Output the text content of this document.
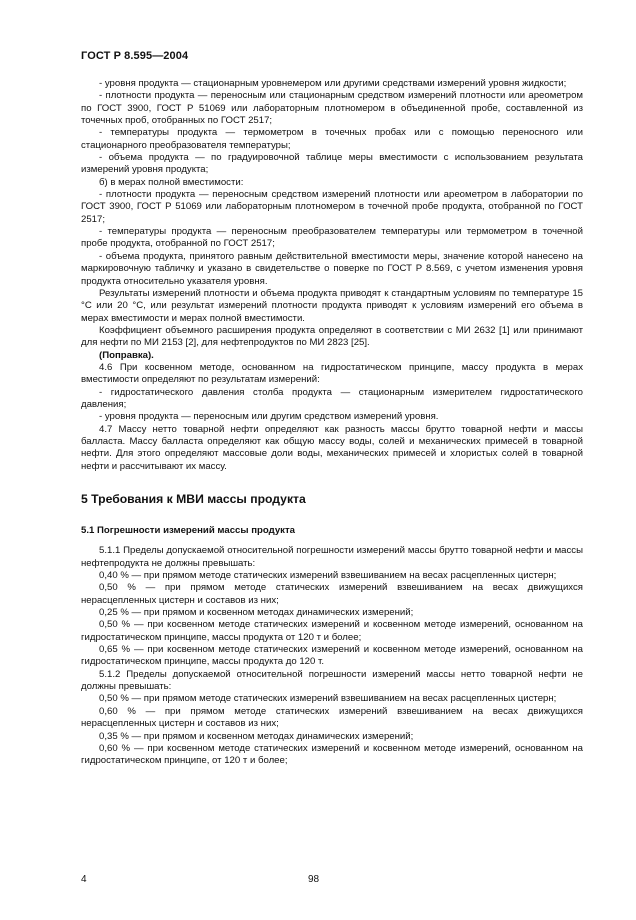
ГОСТ Р 8.595—2004

- уровня продукта — стационарным уровнемером или другими средствами измерений уровня жидкости;

- плотности продукта — переносным или стационарным средством измерений плотности или ареометром по ГОСТ 3900, ГОСТ Р 51069 или лабораторным плотномером в объединенной пробе, составленной из точечных проб, отобранных по ГОСТ 2517;

- температуры продукта — термометром в точечных пробах или с помощью переносного или стационарного преобразователя температуры;

- объема продукта — по градуировочной таблице меры вместимости с использованием результата измерений уровня продукта;

б) в мерах полной вместимости:

- плотности продукта — переносным средством измерений плотности или ареометром в лаборатории по ГОСТ 3900, ГОСТ Р 51069 или лабораторным плотномером в точечной пробе продукта, отобранной по ГОСТ 2517;

- температуры продукта — переносным преобразователем температуры или термометром в точечной пробе продукта, отобранной по ГОСТ 2517;

- объема продукта, принятого равным действительной вместимости меры, значение которой нанесено на маркировочную табличку и указано в свидетельстве о поверке по ГОСТ Р 8.569, с учетом изменения уровня продукта относительно указателя уровня.

Результаты измерений плотности и объема продукта приводят к стандартным условиям по температуре 15 °С или 20 °С, или результат измерений плотности продукта приводят к условиям измерений его объема в мерах вместимости и мерах полной вместимости.

Коэффициент объемного расширения продукта определяют в соответствии с МИ 2632 [1] или принимают для нефти по МИ 2153 [2], для нефтепродуктов по МИ 2823 [25].

(Поправка).

4.6 При косвенном методе, основанном на гидростатическом принципе, массу продукта в мерах вместимости определяют по результатам измерений:

- гидростатического давления столба продукта — стационарным измерителем гидростатического давления;

- уровня продукта — переносным или другим средством измерений уровня.

4.7 Массу нетто товарной нефти определяют как разность массы брутто товарной нефти и массы балласта. Массу балласта определяют как общую массу воды, солей и механических примесей в товарной нефти. Для этого определяют массовые доли воды, механических примесей и хлористых солей в товарной нефти и рассчитывают их массу.

5 Требования к МВИ массы продукта
5.1 Погрешности измерений массы продукта

5.1.1 Пределы допускаемой относительной погрешности измерений массы брутто товарной нефти и массы нефтепродукта не должны превышать:

0,40 % — при прямом методе статических измерений взвешиванием на весах расцепленных цистерн;

0,50 % — при прямом методе статических измерений взвешиванием на весах движущихся нерасцепленных цистерн и составов из них;

0,25 % — при прямом и косвенном методах динамических измерений;

0,50 % — при косвенном методе статических измерений и косвенном методе измерений, основанном на гидростатическом принципе, массы продукта от 120 т и более;

0,65 % — при косвенном методе статических измерений и косвенном методе измерений, основанном на гидростатическом принципе, массы продукта до 120 т.

5.1.2 Пределы допускаемой относительной погрешности измерений массы нетто товарной нефти не должны превышать:

0,50 % — при прямом методе статических измерений взвешиванием на весах расцепленных цистерн;

0,60 % — при прямом методе статических измерений взвешиванием на весах движущихся нерасцепленных цистерн и составов из них;

0,35 % — при прямом и косвенном методах динамических измерений;

0,60 % — при косвенном методе статических измерений и косвенном методе измерений, основанном на гидростатическом принципе, от 120 т и более;

4	98
